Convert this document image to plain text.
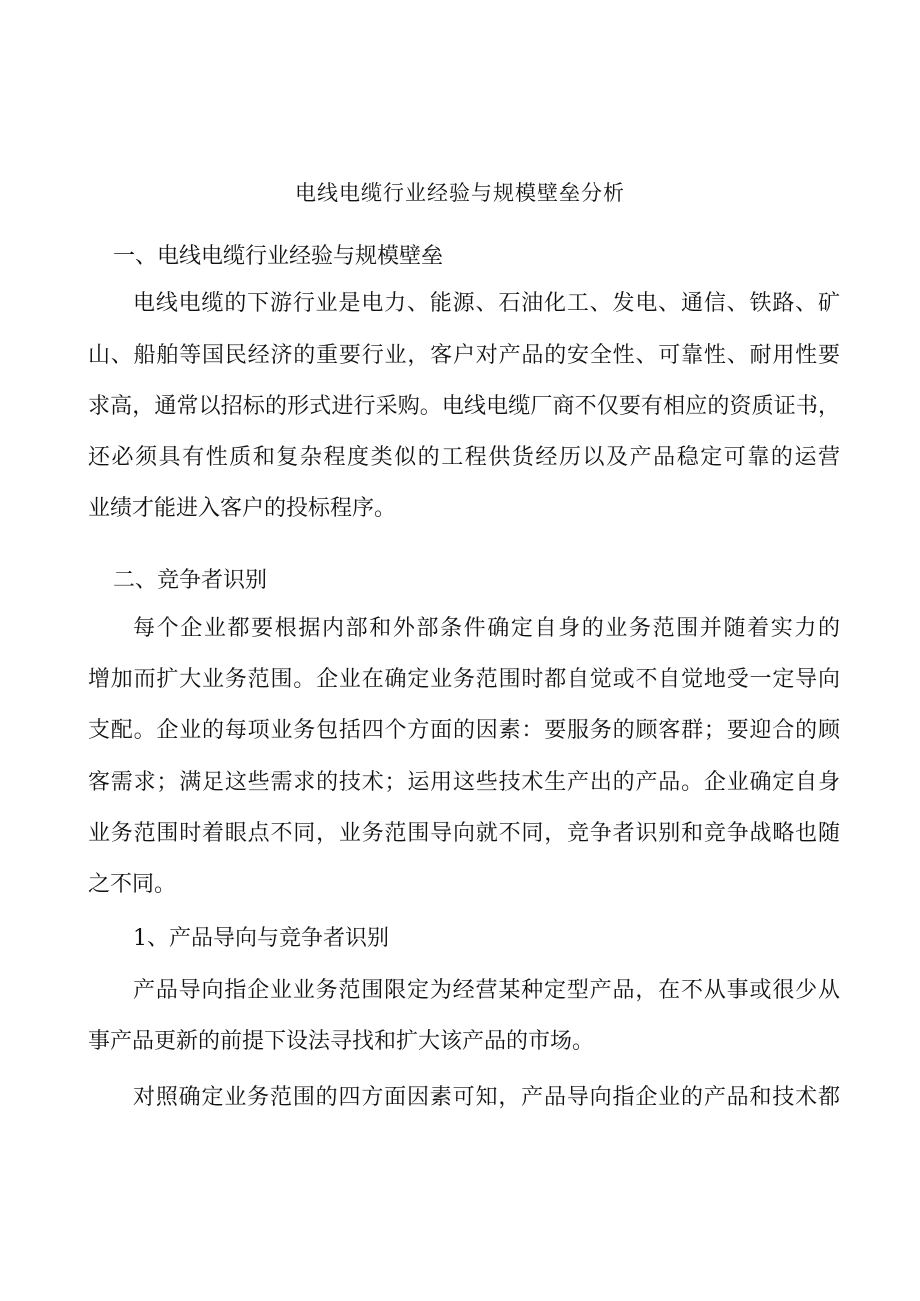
电线电缆行业经验与规模壁垒分析
一、电线电缆行业经验与规模壁垒
电线电缆的下游行业是电力、能源、石油化工、发电、通信、铁路、矿
山、船舶等国民经济的重要行业，客户对产品的安全性、可靠性、耐用性要
求高，通常以招标的形式进行采购。电线电缆厂商不仅要有相应的资质证书，
还必须具有性质和复杂程度类似的工程供货经历以及产品稳定可靠的运营
业绩才能进入客户的投标程序。
二、竞争者识别
每个企业都要根据内部和外部条件确定自身的业务范围并随着实力的
增加而扩大业务范围。企业在确定业务范围时都自觉或不自觉地受一定导向
支配。企业的每项业务包括四个方面的因素：要服务的顾客群；要迎合的顾
客需求；满足这些需求的技术；运用这些技术生产出的产品。企业确定自身
业务范围时着眼点不同，业务范围导向就不同，竞争者识别和竞争战略也随
之不同。
1、产品导向与竞争者识别
产品导向指企业业务范围限定为经营某种定型产品，在不从事或很少从
事产品更新的前提下设法寻找和扩大该产品的市场。
对照确定业务范围的四方面因素可知，产品导向指企业的产品和技术都
